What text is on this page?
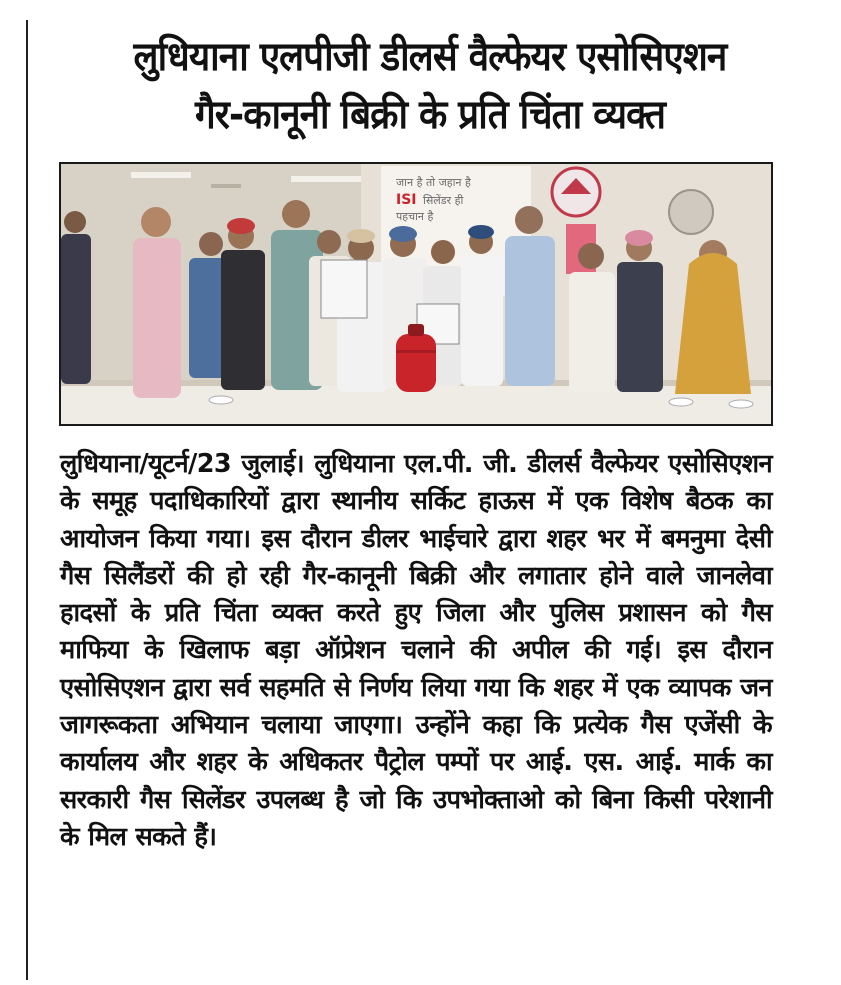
लुधियाना एलपीजी डीलर्स वैल्फेयर एसोसिएशन
गैर-कानूनी बिक्री के प्रति चिंता व्यक्त
जान है तो जहान है
ISI सिलेंडर ही
पहचान है
लुधियाना/यूटर्न/23 जुलाई। लुधियाना एल.पी. जी. डीलर्स वैल्फेयर एसोसिएशन के समूह पदाधिकारियों द्वारा स्थानीय सर्किट हाऊस में एक विशेष बैठक का आयोजन किया गया। इस दौरान डीलर भाईचारे द्वारा शहर भर में बमनुमा देसी गैस सिलैंडरों की हो रही गैर-कानूनी बिक्री और लगातार होने वाले जानलेवा हादसों के प्रति चिंता व्यक्त करते हुए जिला और पुलिस प्रशासन को गैस माफिया के खिलाफ बड़ा ऑप्रेशन चलाने की अपील की गई। इस दौरान एसोसिएशन द्वारा सर्व सहमति से निर्णय लिया गया कि शहर में एक व्यापक जन जागरूकता अभियान चलाया जाएगा। उन्होंने कहा कि प्रत्येक गैस एजेंसी के कार्यालय और शहर के अधिकतर पैट्रोल पम्पों पर आई. एस. आई. मार्क का सरकारी गैस सिलेंडर उपलब्ध है जो कि उपभोक्ताओ को बिना किसी परेशानी के मिल सकते हैं।
